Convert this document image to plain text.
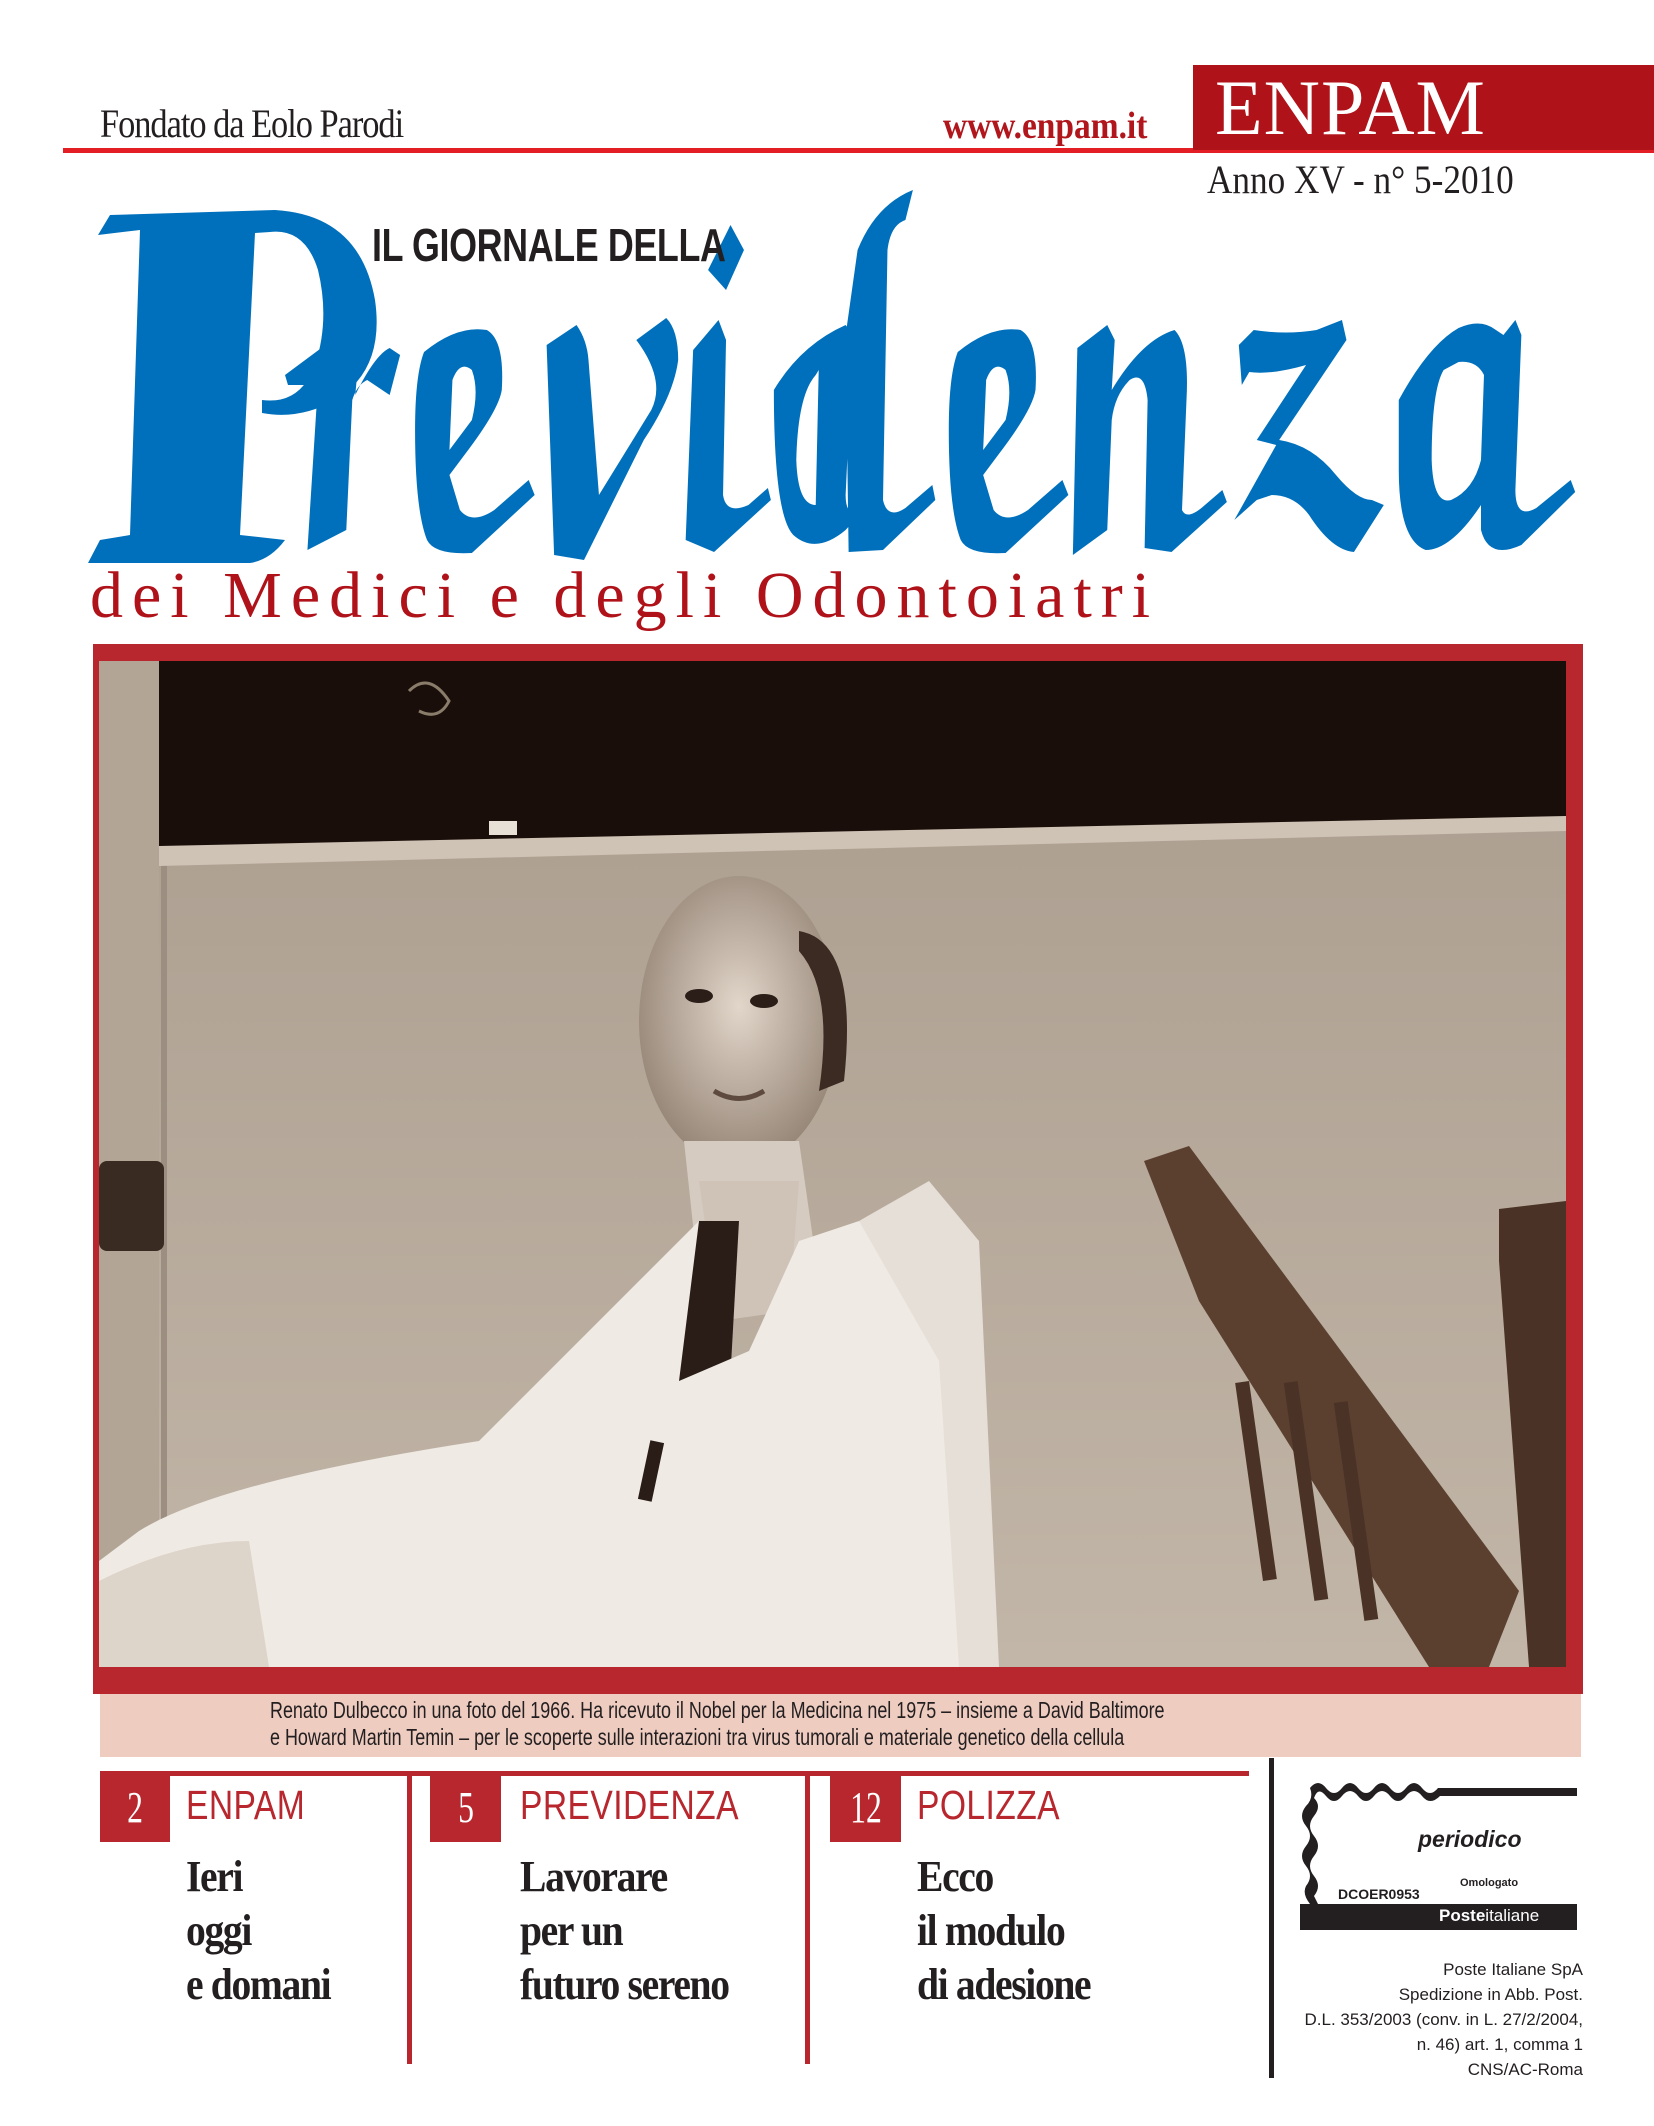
Fondato da Eolo Parodi	www.enpam.it ENPAM
Anno XV - n° 5-2010
IL GIORNALE DELLA
dei Medici e degli Odontoiatri
Renato Dulbecco in una foto del 1966. Ha ricevuto il Nobel per la Medicina nel 1975 – insieme a David Baltimore
e Howard Martin Temin – per le scoperte sulle interazioni tra virus tumorali e materiale genetico della cellula
2	ENPAM
Ieri
oggi
e domani
5	PREVIDENZA
Lavorare
per un
futuro sereno
12 POLIZZA
Ecco
il modulo
di adesione
periodico
Omologato
DCOER0953
Posteitaliane
Poste Italiane SpA
Spedizione in Abb. Post.
D.L. 353/2003 (conv. in L. 27/2/2004,
n. 46) art. 1, comma 1
CNS/AC-Roma
